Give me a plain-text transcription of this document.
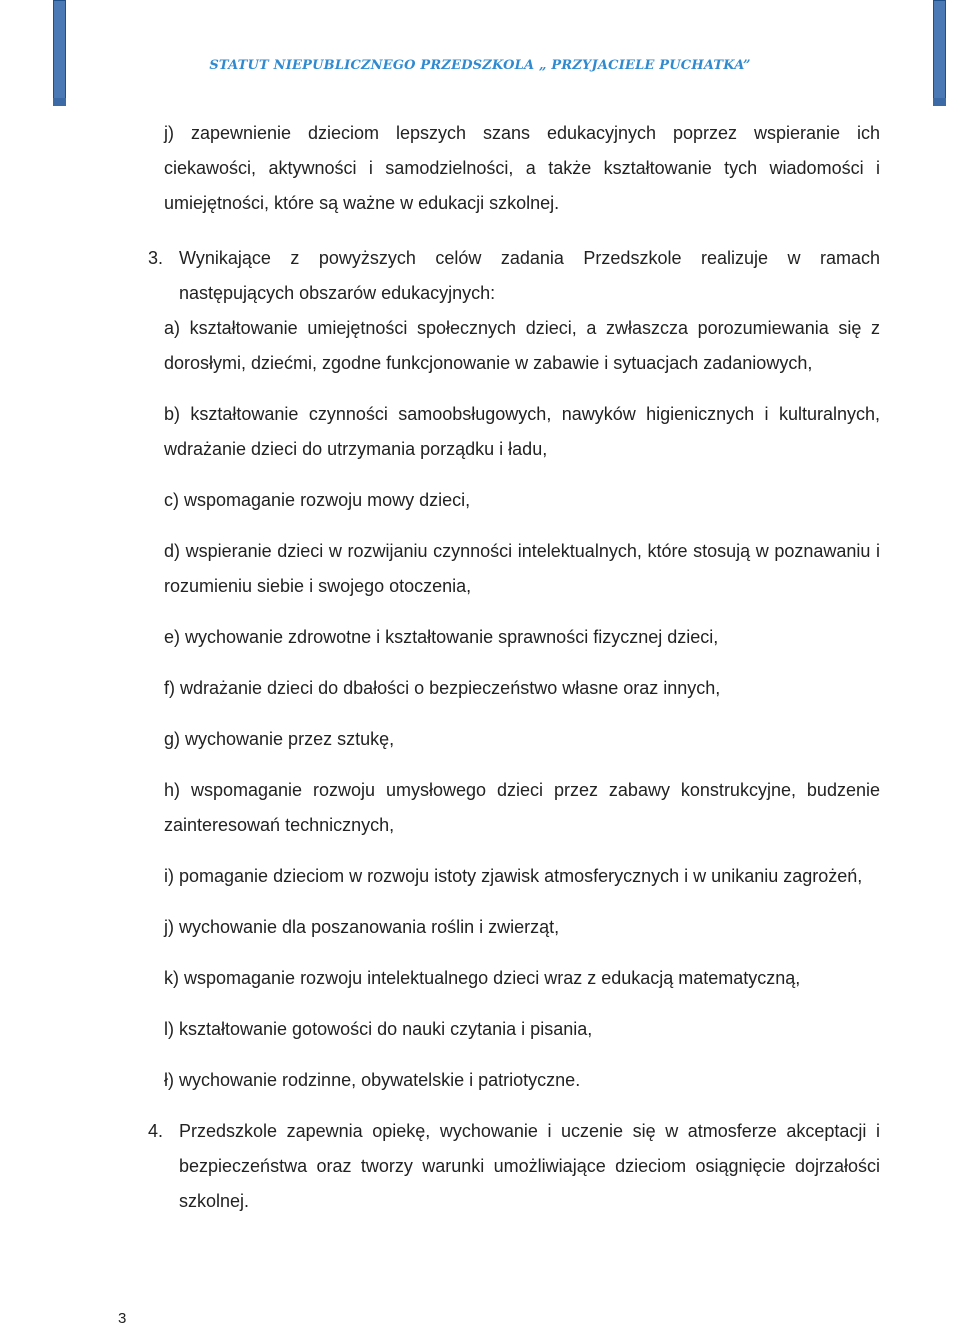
STATUT NIEPUBLICZNEGO PRZEDSZKOLA „ PRZYJACIELE PUCHATKA”

j) zapewnienie dzieciom lepszych szans edukacyjnych poprzez wspieranie ich ciekawości, aktywności i samodzielności, a także kształtowanie tych wiadomości i umiejętności, które są ważne w edukacji szkolnej.

3. Wynikające z powyższych celów zadania Przedszkole realizuje w ramach następujących obszarów edukacyjnych:

a) kształtowanie umiejętności społecznych dzieci, a zwłaszcza porozumiewania się z dorosłymi, dziećmi, zgodne funkcjonowanie w zabawie i sytuacjach zadaniowych,

b) kształtowanie czynności samoobsługowych, nawyków higienicznych i kulturalnych, wdrażanie dzieci do utrzymania porządku i ładu,

c) wspomaganie rozwoju mowy dzieci,

d) wspieranie dzieci w rozwijaniu czynności intelektualnych, które stosują w poznawaniu i rozumieniu siebie i swojego otoczenia,

e) wychowanie zdrowotne i kształtowanie sprawności fizycznej dzieci,

f) wdrażanie dzieci do dbałości o bezpieczeństwo własne oraz innych,

g) wychowanie przez sztukę,

h) wspomaganie rozwoju umysłowego dzieci przez zabawy konstrukcyjne, budzenie zainteresowań technicznych,

i) pomaganie dzieciom w rozwoju istoty zjawisk atmosferycznych i w unikaniu zagrożeń,

j) wychowanie dla poszanowania roślin i zwierząt,

k) wspomaganie rozwoju intelektualnego dzieci wraz z edukacją matematyczną,

l) kształtowanie gotowości do nauki czytania i pisania,

ł) wychowanie rodzinne, obywatelskie i patriotyczne.

4. Przedszkole zapewnia opiekę, wychowanie i uczenie się w atmosferze akceptacji i bezpieczeństwa oraz tworzy warunki umożliwiające dzieciom osiągnięcie dojrzałości szkolnej.

3
